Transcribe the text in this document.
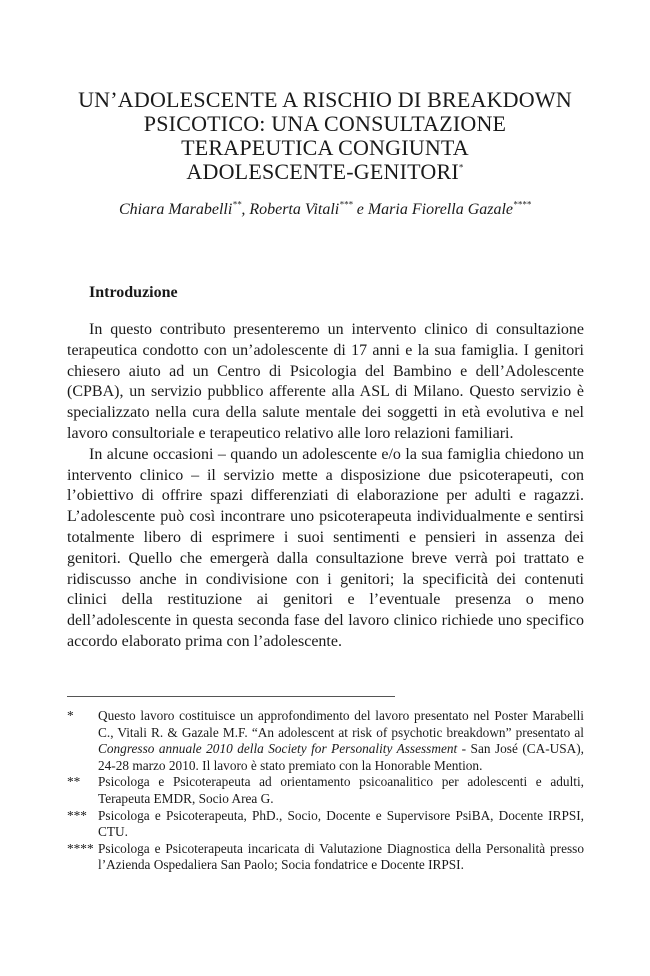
UN’ADOLESCENTE A RISCHIO DI BREAKDOWN
PSICOTICO: UNA CONSULTAZIONE
TERAPEUTICA CONGIUNTA
ADOLESCENTE-GENITORI*
Chiara Marabelli**, Roberta Vitali*** e Maria Fiorella Gazale****
Introduzione

In questo contributo presenteremo un intervento clinico di consultazione terapeutica condotto con un’adolescente di 17 anni e la sua famiglia. I genitori chiesero aiuto ad un Centro di Psicologia del Bambino e dell’Adolescente (CPBA), un servizio pubblico afferente alla ASL di Milano. Questo servizio è specializzato nella cura della salute mentale dei soggetti in età evolutiva e nel lavoro consultoriale e terapeutico relativo alle loro relazioni familiari.

In alcune occasioni – quando un adolescente e/o la sua famiglia chiedono un intervento clinico – il servizio mette a disposizione due psicoterapeuti, con l’obiettivo di offrire spazi differenziati di elaborazione per adulti e ragazzi. L’adolescente può così incontrare uno psicoterapeuta individualmente e sentirsi totalmente libero di esprimere i suoi sentimenti e pensieri in assenza dei genitori. Quello che emergerà dalla consultazione breve verrà poi trattato e ridiscusso anche in condivisione con i genitori; la specificità dei contenuti clinici della restituzione ai genitori e l’eventuale presenza o meno dell’adolescente in questa seconda fase del lavoro clinico richiede uno specifico accordo elaborato prima con l’adolescente.

*	Questo lavoro costituisce un approfondimento del lavoro presentato nel Poster Marabelli C., Vitali R. & Gazale M.F. “An adolescent at risk of psychotic breakdown” presentato al Congresso annuale 2010 della Society for Personality Assessment - San José (CA-USA), 24-28 marzo 2010. Il lavoro è stato premiato con la Honorable Mention.
**	Psicologa e Psicoterapeuta ad orientamento psicoanalitico per adolescenti e adulti, Terapeuta EMDR, Socio Area G.
*** Psicologa e Psicoterapeuta, PhD., Socio, Docente e Supervisore PsiBA, Docente IRPSI, CTU.
**** Psicologa e Psicoterapeuta incaricata di Valutazione Diagnostica della Personalità presso l’Azienda Ospedaliera San Paolo; Socia fondatrice e Docente IRPSI.
